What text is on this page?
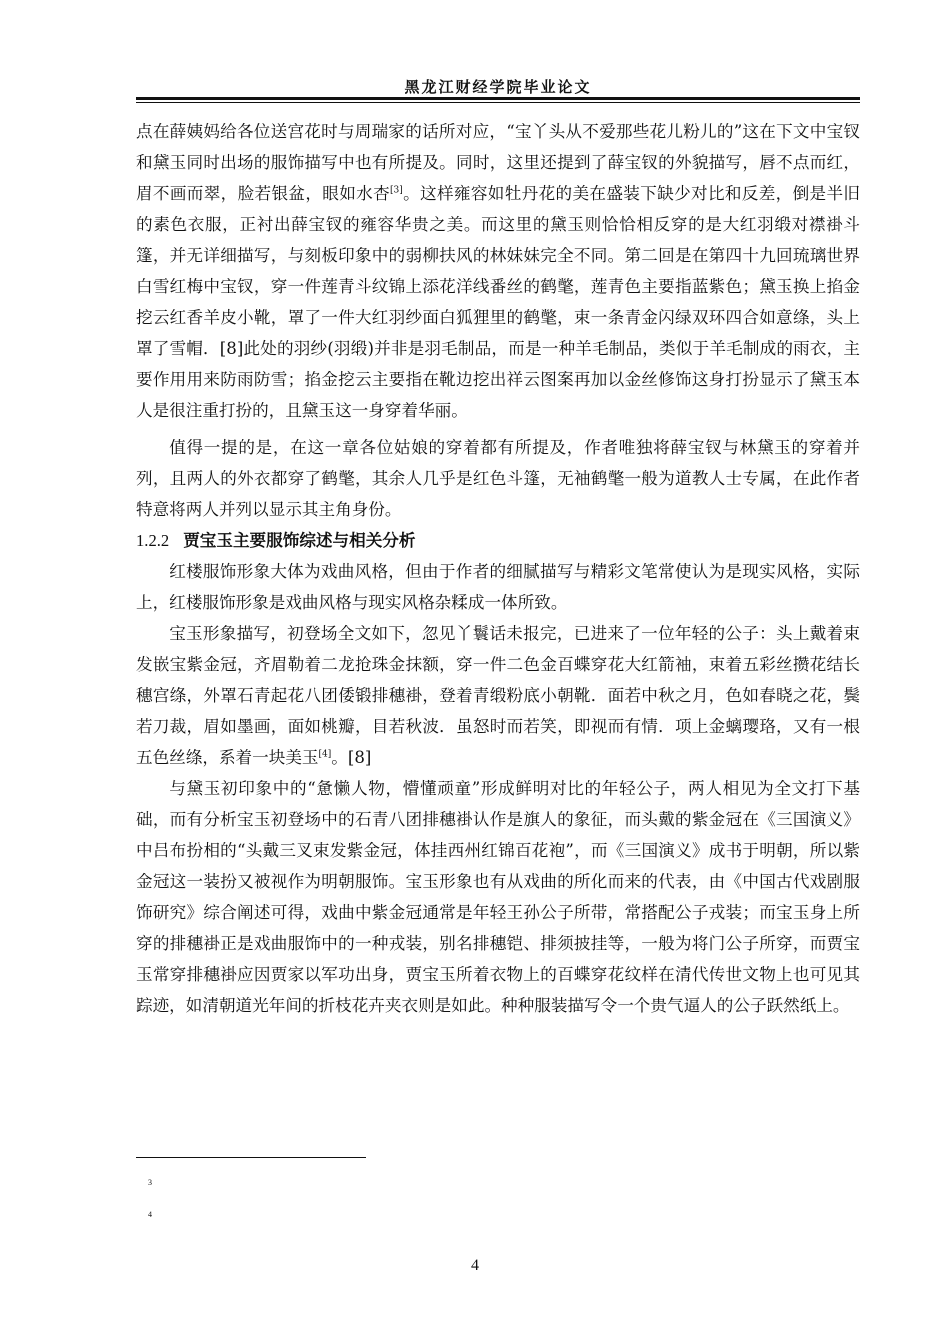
黑龙江财经学院毕业论文

点在薛姨妈给各位送宫花时与周瑞家的话所对应，“宝丫头从不爱那些花儿粉儿的”这在下文中宝钗和黛玉同时出场的服饰描写中也有所提及。同时，这里还提到了薛宝钗的外貌描写，唇不点而红，眉不画而翠，脸若银盆，眼如水杏[3]。这样雍容如牡丹花的美在盛装下缺少对比和反差，倒是半旧的素色衣服，正衬出薛宝钗的雍容华贵之美。而这里的黛玉则恰恰相反穿的是大红羽缎对襟褂斗篷，并无详细描写，与刻板印象中的弱柳扶风的林妹妹完全不同。第二回是在第四十九回琉璃世界白雪红梅中宝钗，穿一件莲青斗纹锦上添花洋线番丝的鹤氅，莲青色主要指蓝紫色；黛玉换上掐金挖云红香羊皮小靴，罩了一件大红羽纱面白狐狸里的鹤氅，束一条青金闪绿双环四合如意绦，头上罩了雪帽．[8]此处的羽纱(羽缎)并非是羽毛制品，而是一种羊毛制品，类似于羊毛制成的雨衣，主要作用用来防雨防雪；掐金挖云主要指在靴边挖出祥云图案再加以金丝修饰这身打扮显示了黛玉本人是很注重打扮的，且黛玉这一身穿着华丽。

值得一提的是，在这一章各位姑娘的穿着都有所提及，作者唯独将薛宝钗与林黛玉的穿着并列，且两人的外衣都穿了鹤氅，其余人几乎是红色斗篷，无袖鹤氅一般为道教人士专属，在此作者特意将两人并列以显示其主角身份。

1.2.2 贾宝玉主要服饰综述与相关分析

红楼服饰形象大体为戏曲风格，但由于作者的细腻描写与精彩文笔常使认为是现实风格，实际上，红楼服饰形象是戏曲风格与现实风格杂糅成一体所致。

宝玉形象描写，初登场全文如下，忽见丫鬟话未报完，已进来了一位年轻的公子：头上戴着束发嵌宝紫金冠，齐眉勒着二龙抢珠金抹额，穿一件二色金百蝶穿花大红箭袖，束着五彩丝攒花结长穗宫绦，外罩石青起花八团倭锻排穗褂，登着青缎粉底小朝靴．面若中秋之月，色如春晓之花，鬓若刀裁，眉如墨画，面如桃瓣，目若秋波．虽怒时而若笑，即视而有情．项上金螭璎珞，又有一根五色丝绦，系着一块美玉[4]。[8]

与黛玉初印象中的“惫懒人物，懵懂顽童”形成鲜明对比的年轻公子，两人相见为全文打下基础，而有分析宝玉初登场中的石青八团排穗褂认作是旗人的象征，而头戴的紫金冠在《三国演义》中吕布扮相的“头戴三叉束发紫金冠，体挂西州红锦百花袍”，而《三国演义》成书于明朝，所以紫金冠这一装扮又被视作为明朝服饰。宝玉形象也有从戏曲的所化而来的代表，由《中国古代戏剧服饰研究》综合阐述可得，戏曲中紫金冠通常是年轻王孙公子所带，常搭配公子戎装；而宝玉身上所穿的排穗褂正是戏曲服饰中的一种戎装，别名排穗铠、排须披挂等，一般为将门公子所穿，而贾宝玉常穿排穗褂应因贾家以军功出身，贾宝玉所着衣物上的百蝶穿花纹样在清代传世文物上也可见其踪迹，如清朝道光年间的折枝花卉夹衣则是如此。种种服装描写令一个贵气逼人的公子跃然纸上。

3
4
4
